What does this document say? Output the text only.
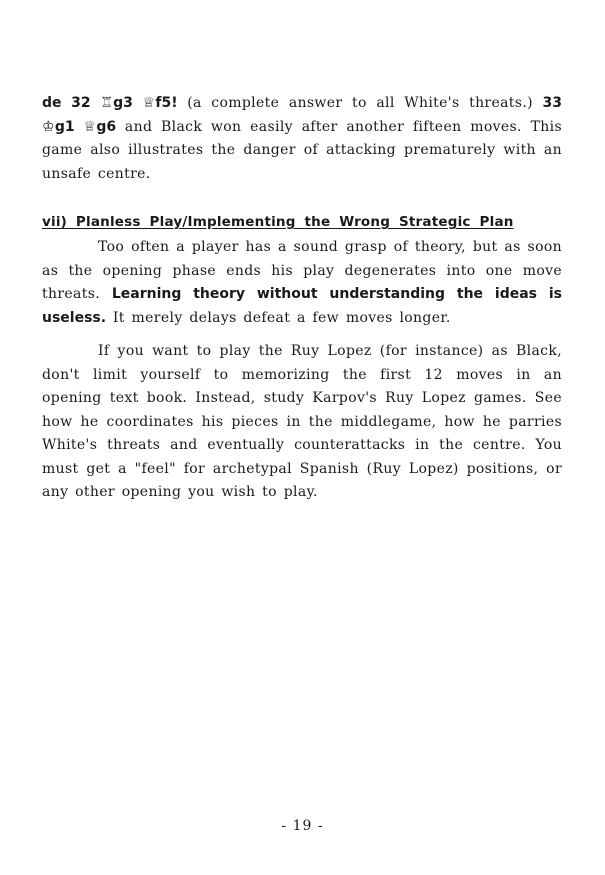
de 32 ♖g3 ♕f5! (a complete answer to all White's threats.) 33 ♔g1 ♕g6 and Black won easily after another fifteen moves. This game also illustrates the danger of attacking prematurely with an unsafe centre.

vii) Planless Play/Implementing the Wrong Strategic Plan

Too often a player has a sound grasp of theory, but as soon as the opening phase ends his play degenerates into one move threats. Learning theory without understanding the ideas is useless. It merely delays defeat a few moves longer.

If you want to play the Ruy Lopez (for instance) as Black, don't limit yourself to memorizing the first 12 moves in an opening text book. Instead, study Karpov's Ruy Lopez games. See how he coordinates his pieces in the middlegame, how he parries White's threats and eventually counterattacks in the centre. You must get a "feel" for archetypal Spanish (Ruy Lopez) positions, or any other opening you wish to play.

- 19 -
